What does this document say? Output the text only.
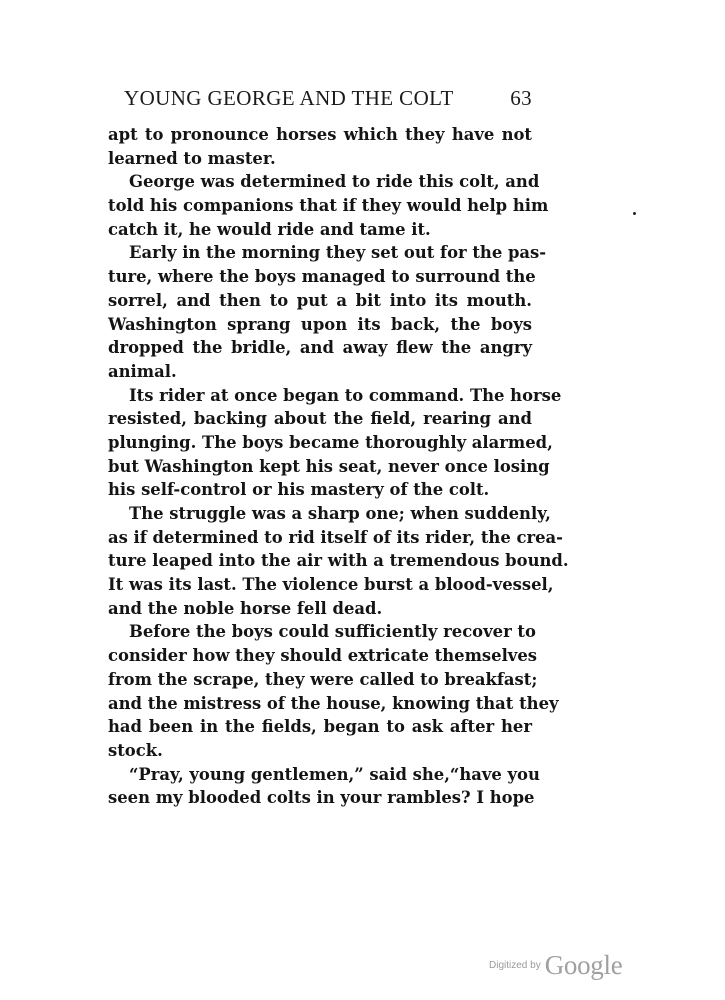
YOUNG GEORGE AND THE COLT	63
apt to pronounce horses which they have not
learned to master.
George was determined to ride this colt, and
told his companions that if they would help him
catch it, he would ride and tame it.
Early in the morning they set out for the pas-
ture, where the boys managed to surround the
sorrel, and then to put a bit into its mouth.
Washington sprang upon its back, the boys
dropped the bridle, and away flew the angry
animal.
Its rider at once began to command. The horse
resisted, backing about the field, rearing and
plunging. The boys became thoroughly alarmed,
but Washington kept his seat, never once losing
his self-control or his mastery of the colt.
The struggle was a sharp one; when suddenly,
as if determined to rid itself of its rider, the crea-
ture leaped into the air with a tremendous bound.
It was its last. The violence burst a blood-vessel,
and the noble horse fell dead.
Before the boys could sufficiently recover to
consider how they should extricate themselves
from the scrape, they were called to breakfast;
and the mistress of the house, knowing that they
had been in the fields, began to ask after her
stock.
“Pray, young gentlemen,” said she,“have you
seen my blooded colts in your rambles? I hope
Digitized by Google
